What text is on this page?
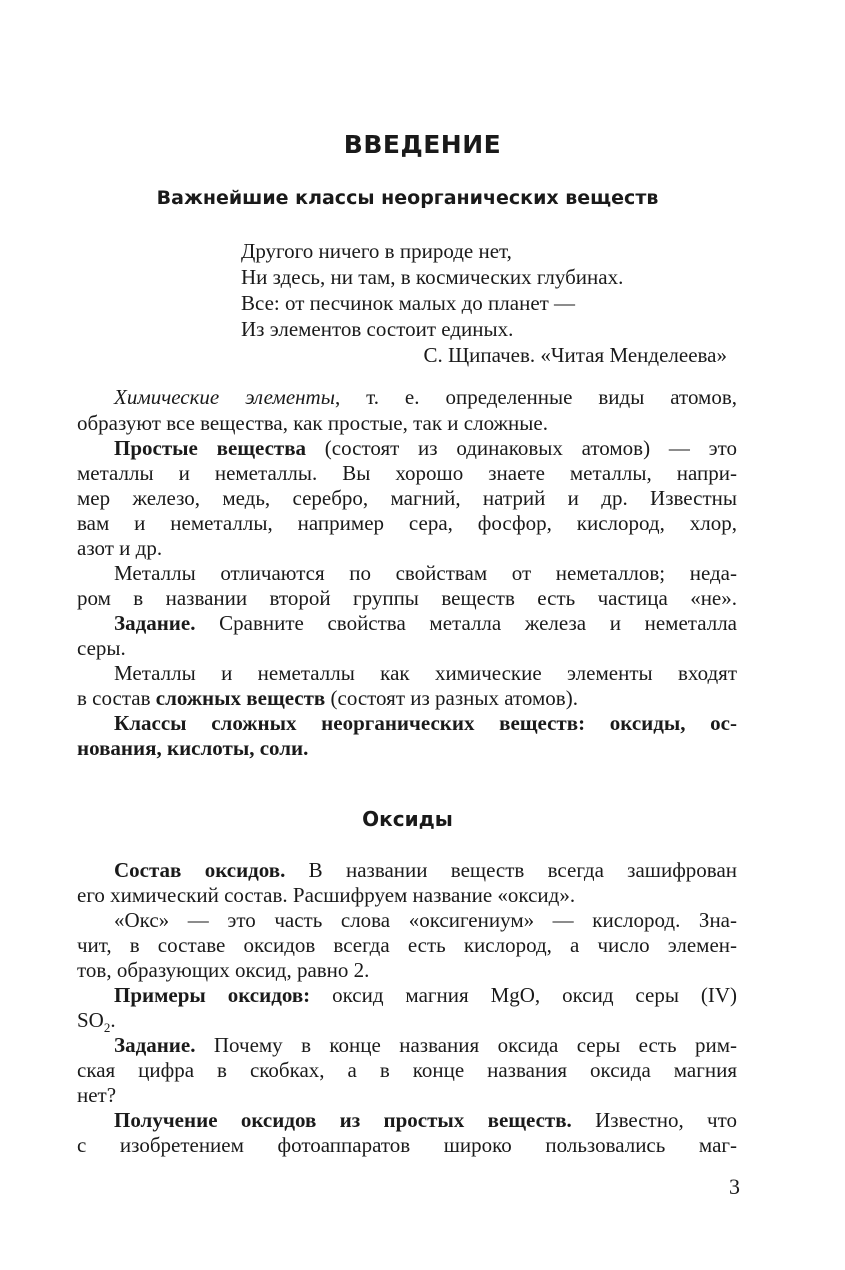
ВВЕДЕНИЕ
Важнейшие классы неорганических веществ
Другого ничего в природе нет,
Ни здесь, ни там, в космических глубинах.
Все: от песчинок малых до планет —
Из элементов состоит единых.
С. Щипачев. «Читая Менделеева»
Химические элементы, т. е. определенные виды атомов,
образуют все вещества, как простые, так и сложные.
Простые вещества (состоят из одинаковых атомов) — это
металлы и неметаллы. Вы хорошо знаете металлы, напри-
мер железо, медь, серебро, магний, натрий и др. Известны
вам и неметаллы, например сера, фосфор, кислород, хлор,
азот и др.
Металлы отличаются по свойствам от неметаллов; неда-
ром в названии второй группы веществ есть частица «не».
Задание. Сравните свойства металла железа и неметалла
серы.
Металлы и неметаллы как химические элементы входят
в состав сложных веществ (состоят из разных атомов).
Классы сложных неорганических веществ: оксиды, ос-
нования, кислоты, соли.
Оксиды
Состав оксидов. В названии веществ всегда зашифрован
его химический состав. Расшифруем название «оксид».
«Окс» — это часть слова «оксигениум» — кислород. Зна-
чит, в составе оксидов всегда есть кислород, а число элемен-
тов, образующих оксид, равно 2.
Примеры оксидов: оксид магния MgO, оксид серы (IV)
$SO_2$.
Задание. Почему в конце названия оксида серы есть рим-
ская цифра в скобках, а в конце названия оксида магния
нет?
Получение оксидов из простых веществ. Известно, что
с изобретением фотоаппаратов широко пользовались маг-
3
